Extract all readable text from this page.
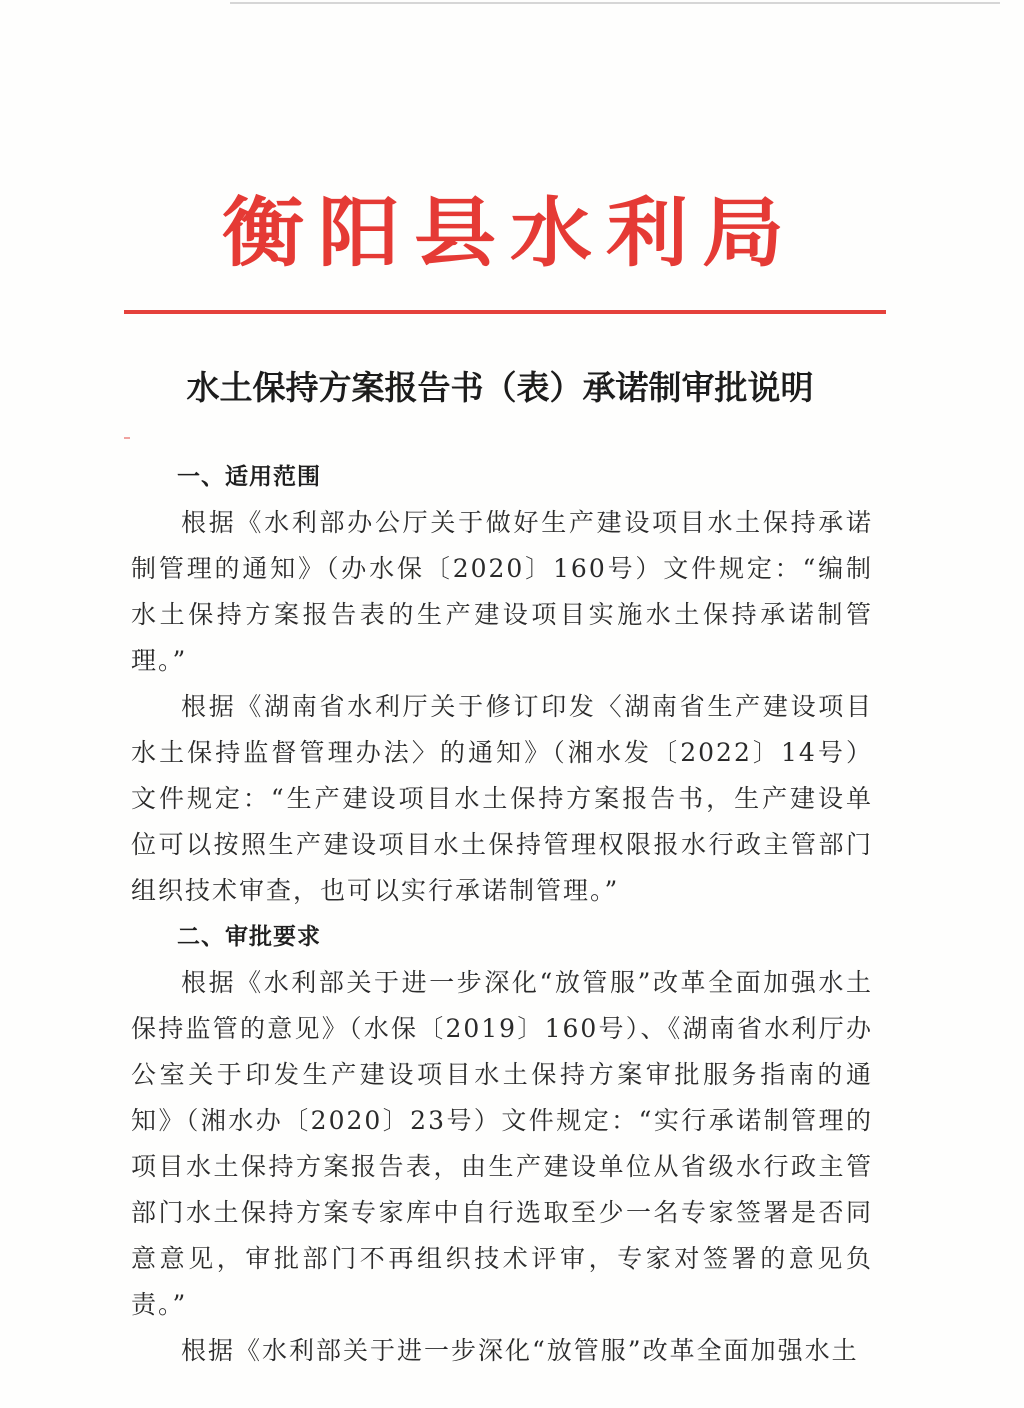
衡阳县水利局
水土保持方案报告书（表）承诺制审批说明
一、适用范围

根据《水利部办公厅关于做好生产建设项目水土保持承诺制管理的通知》（办水保〔2020〕160号）文件规定：“编制水土保持方案报告表的生产建设项目实施水土保持承诺制管理。”

根据《湖南省水利厅关于修订印发〈湖南省生产建设项目水土保持监督管理办法〉的通知》（湘水发〔2022〕14号）文件规定：“生产建设项目水土保持方案报告书，生产建设单位可以按照生产建设项目水土保持管理权限报水行政主管部门组织技术审查，也可以实行承诺制管理。”

二、审批要求

根据《水利部关于进一步深化“放管服”改革全面加强水土保持监管的意见》（水保〔2019〕160号）、《湖南省水利厅办公室关于印发生产建设项目水土保持方案审批服务指南的通知》（湘水办〔2020〕23号）文件规定：“实行承诺制管理的项目水土保持方案报告表，由生产建设单位从省级水行政主管部门水土保持方案专家库中自行选取至少一名专家签署是否同意意见，审批部门不再组织技术评审，专家对签署的意见负责。”

根据《水利部关于进一步深化“放管服”改革全面加强水土
